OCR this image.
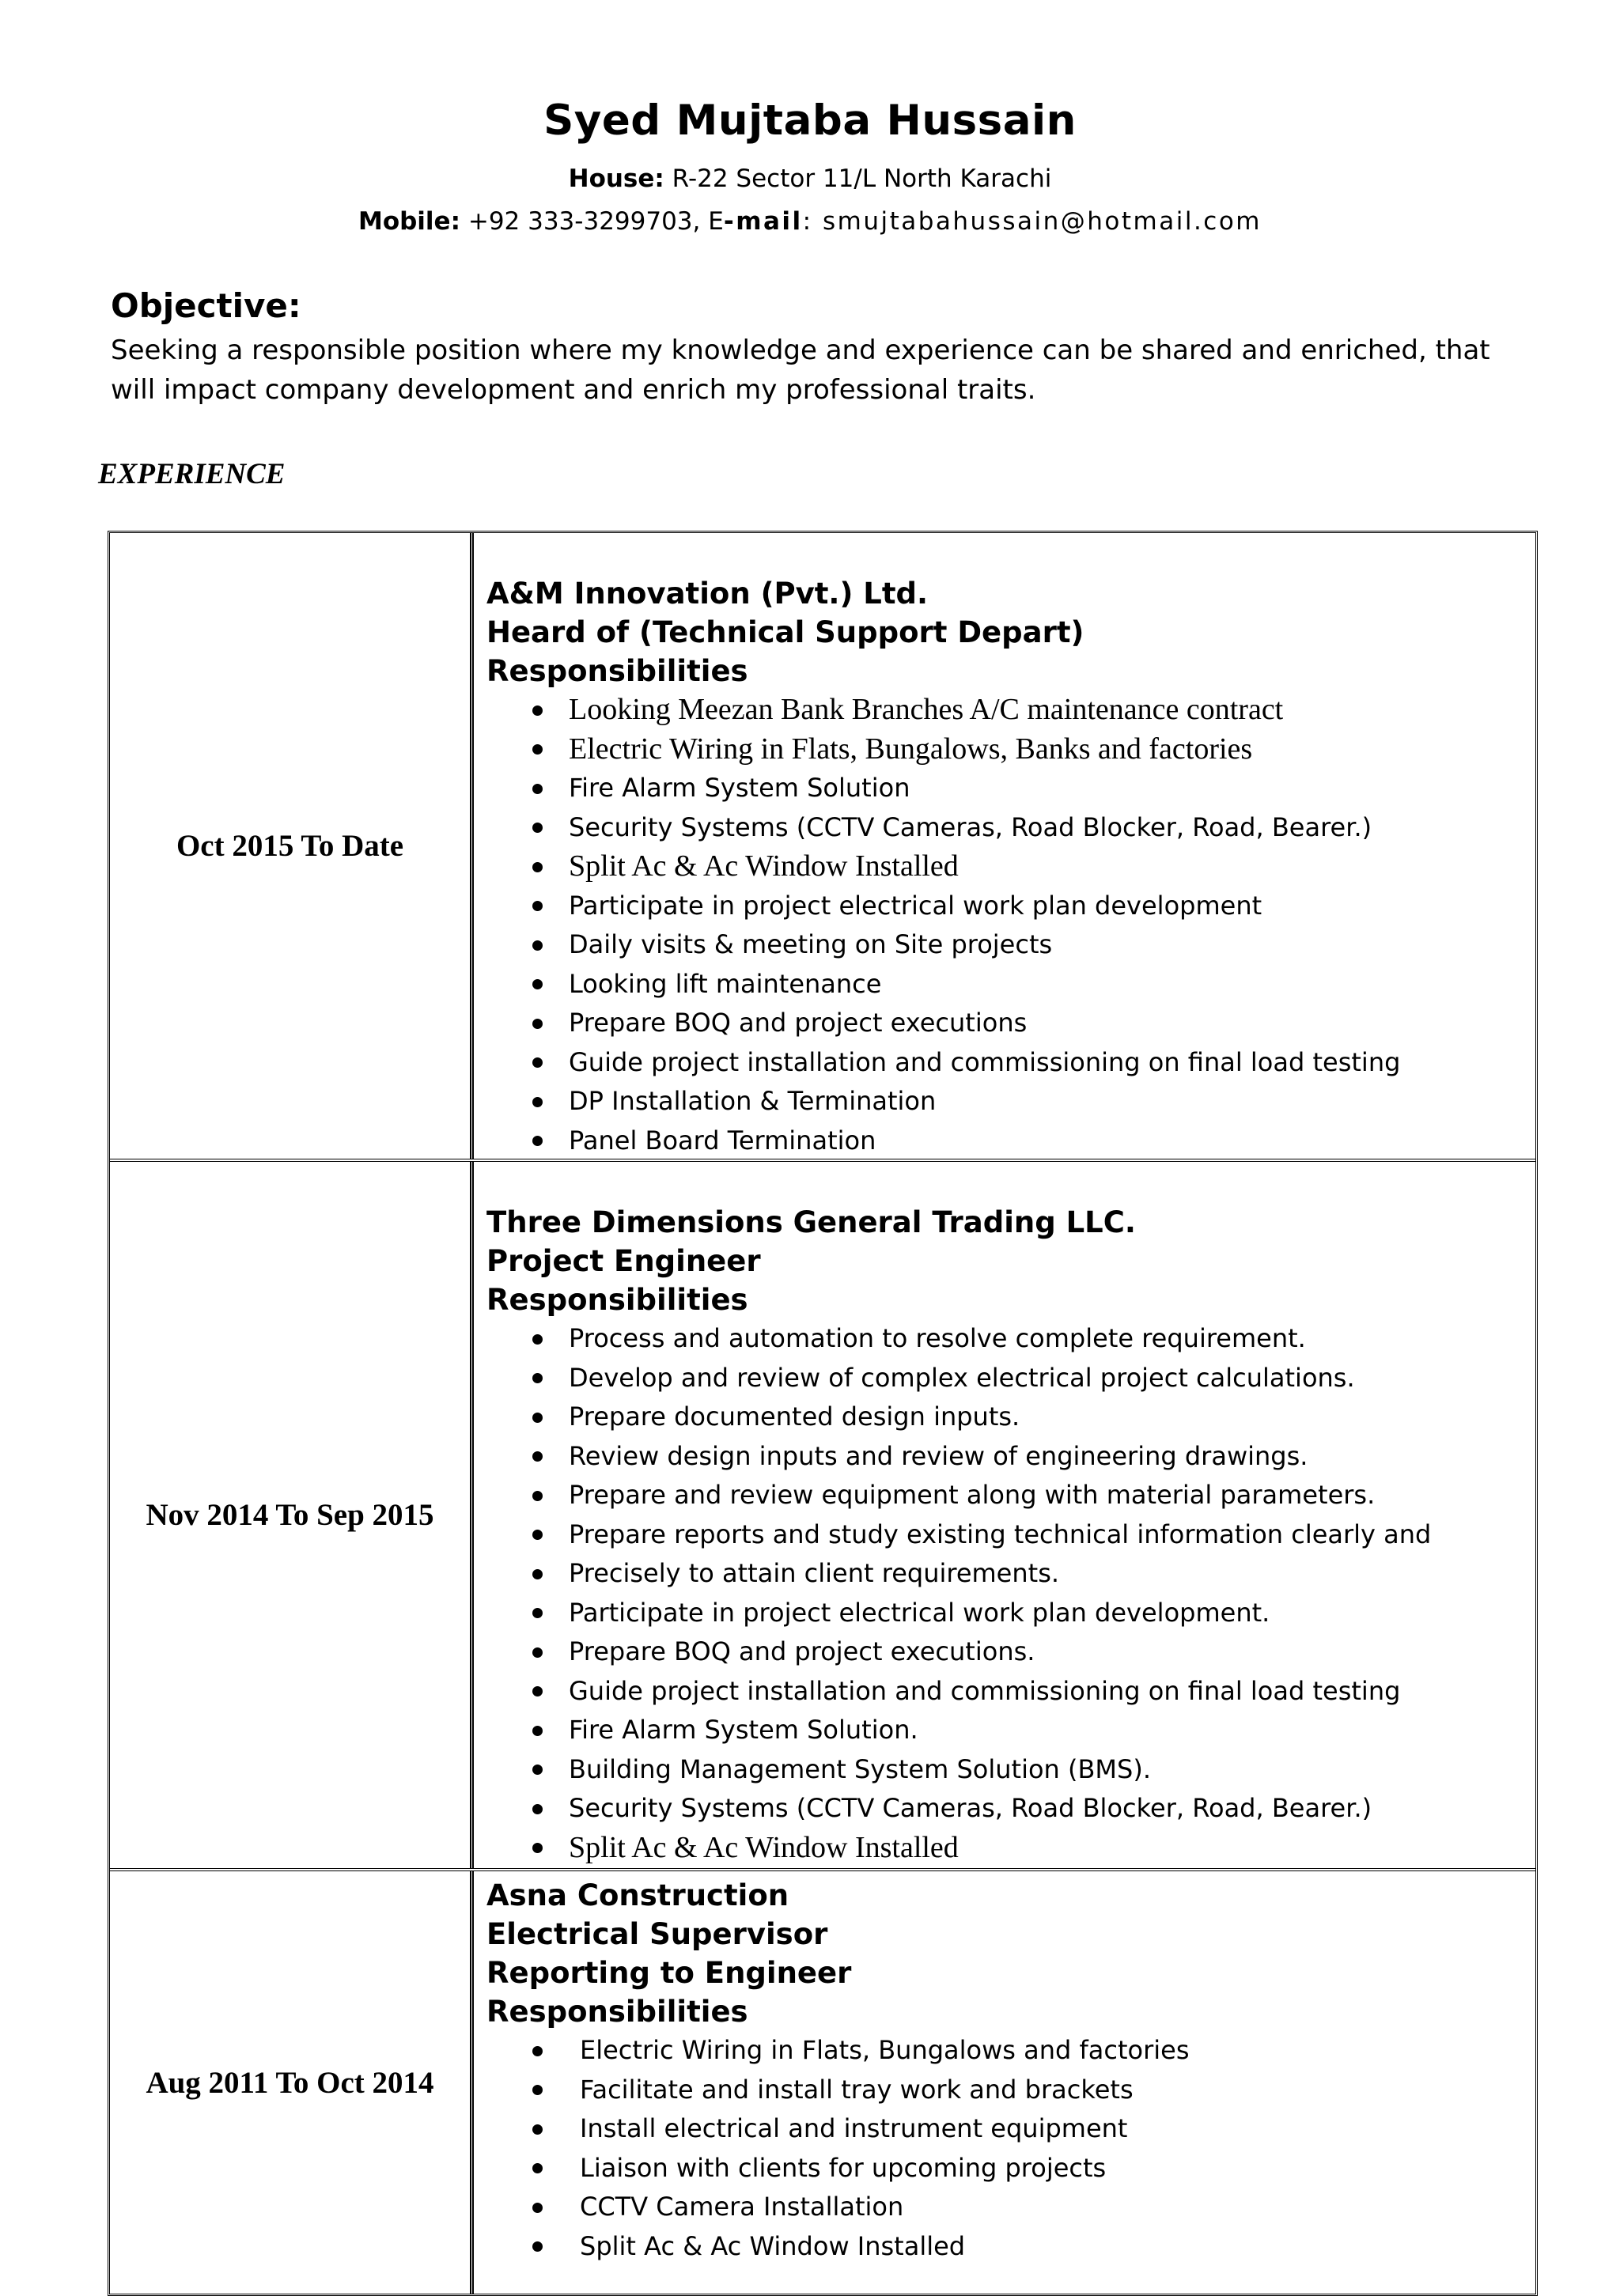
Syed Mujtaba Hussain
House: R-22 Sector 11/L North Karachi
Mobile: +92 333-3299703, E-mail: smujtabahussain@hotmail.com
Objective:
Seeking a responsible position where my knowledge and experience can be shared and enriched, that will impact company development and enrich my professional traits.
EXPERIENCE
Oct 2015 To Date
A&M Innovation (Pvt.) Ltd.
Heard of (Technical Support Depart)
Responsibilities
Looking Meezan Bank Branches A/C maintenance contract
Electric Wiring in Flats, Bungalows, Banks and factories
Fire Alarm System Solution
Security Systems (CCTV Cameras, Road Blocker, Road, Bearer.)
Split Ac & Ac Window Installed
Participate in project electrical work plan development
Daily visits & meeting on Site projects
Looking lift maintenance
Prepare BOQ and project executions
Guide project installation and commissioning on final load testing
DP Installation & Termination
Panel Board Termination
Nov 2014 To Sep 2015
Three Dimensions General Trading LLC.
Project Engineer
Responsibilities
Process and automation to resolve complete requirement.
Develop and review of complex electrical project calculations.
Prepare documented design inputs.
Review design inputs and review of engineering drawings.
Prepare and review equipment along with material parameters.
Prepare reports and study existing technical information clearly and
Precisely to attain client requirements.
Participate in project electrical work plan development.
Prepare BOQ and project executions.
Guide project installation and commissioning on final load testing
Fire Alarm System Solution.
Building Management System Solution (BMS).
Security Systems (CCTV Cameras, Road Blocker, Road, Bearer.)
Split Ac & Ac Window Installed
Aug 2011 To Oct 2014
Asna Construction
Electrical Supervisor
Reporting to Engineer
Responsibilities
Electric Wiring in Flats, Bungalows and factories
Facilitate and install tray work and brackets
Install electrical and instrument equipment
Liaison with clients for upcoming projects
CCTV Camera Installation
Split Ac & Ac Window Installed
